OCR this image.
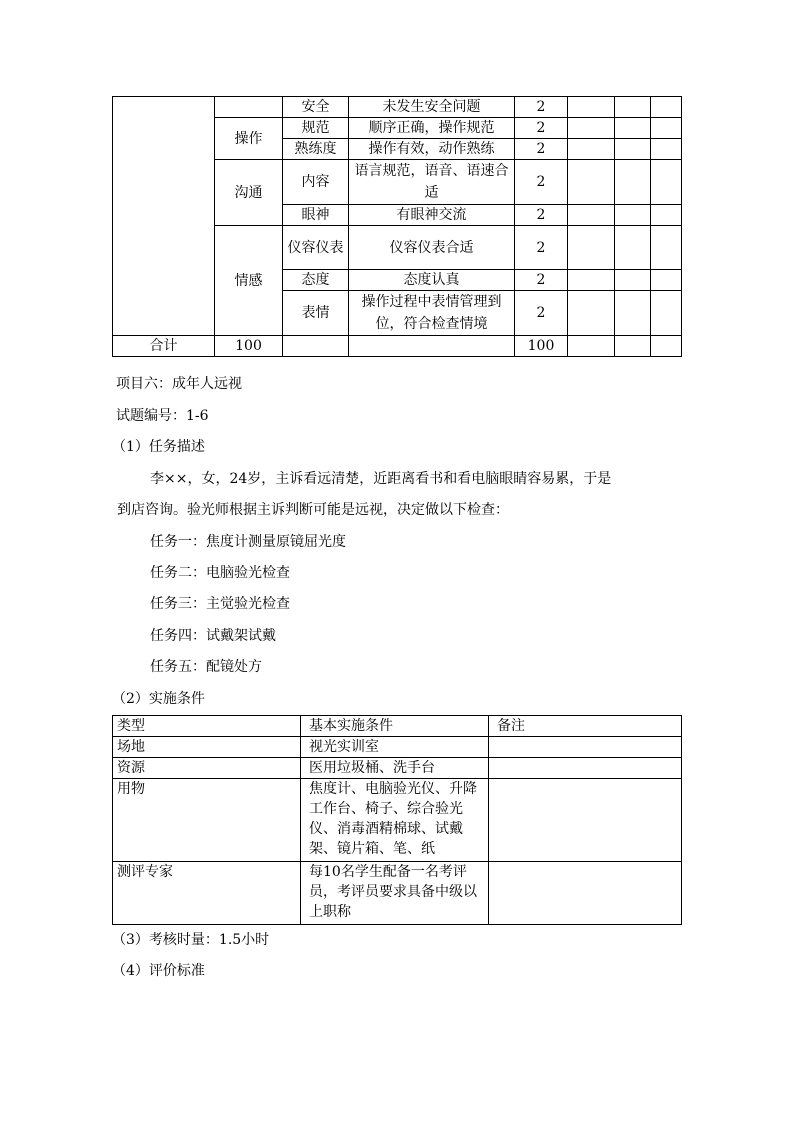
		安全	未发生安全问题	2			
	操作	规范	顺序正确，操作规范	2			
		熟练度	操作有效，动作熟练	2			
	沟通	内容	语言规范，语音、语速合适	2			
		眼神	有眼神交流	2			
	情感	仪容仪表	仪容仪表合适	2			
		态度	态度认真	2			
		表情	操作过程中表情管理到位，符合检查情境	2			
合计	100			100			
项目六：成年人远视
试题编号：1-6
（1）任务描述
李××，女，24岁，主诉看远清楚，近距离看书和看电脑眼睛容易累，于是
到店咨询。验光师根据主诉判断可能是远视，决定做以下检查：
任务一：焦度计测量原镜屈光度
任务二：电脑验光检查
任务三：主觉验光检查
任务四：试戴架试戴
任务五：配镜处方
（2）实施条件
类型	基本实施条件	备注
场地	视光实训室	
资源	医用垃圾桶、洗手台	
用物	焦度计、电脑验光仪、升降工作台、椅子、综合验光仪、消毒酒精棉球、试戴架、镜片箱、笔、纸	
测评专家	每10名学生配备一名考评员，考评员要求具备中级以上职称	
（3）考核时量：1.5小时
（4）评价标准
